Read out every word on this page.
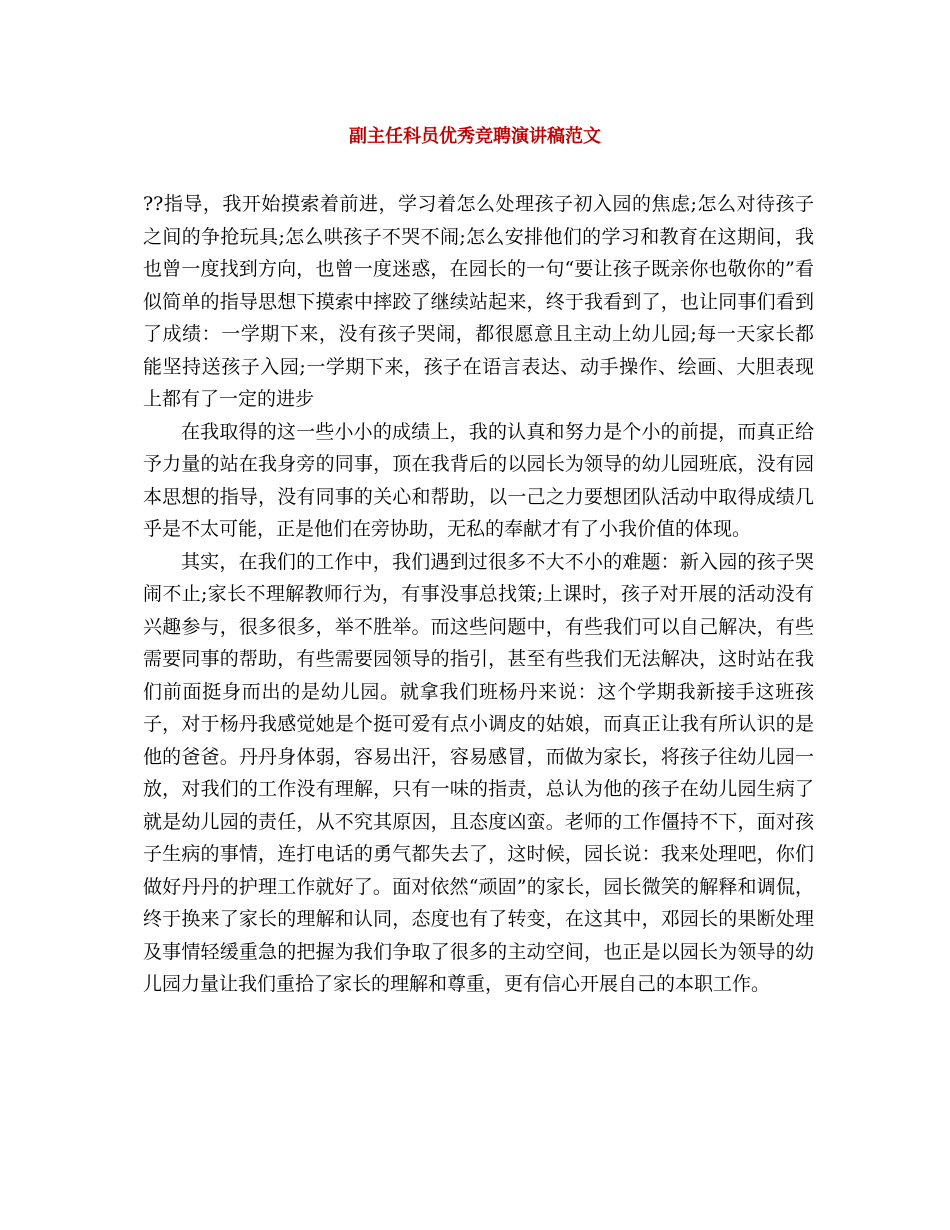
副主任科员优秀竞聘演讲稿范文

??指导，我开始摸索着前进，学习着怎么处理孩子初入园的焦虑;怎么对待孩子之间的争抢玩具;怎么哄孩子不哭不闹;怎么安排他们的学习和教育在这期间，我也曾一度找到方向，也曾一度迷惑，在园长的一句“要让孩子既亲你也敬你的”看似简单的指导思想下摸索中摔跤了继续站起来，终于我看到了，也让同事们看到了成绩：一学期下来，没有孩子哭闹，都很愿意且主动上幼儿园;每一天家长都能坚持送孩子入园;一学期下来，孩子在语言表达、动手操作、绘画、大胆表现上都有了一定的进步

在我取得的这一些小小的成绩上，我的认真和努力是个小的前提，而真正给予力量的站在我身旁的同事，顶在我背后的以园长为领导的幼儿园班底，没有园本思想的指导，没有同事的关心和帮助，以一己之力要想团队活动中取得成绩几乎是不太可能，正是他们在旁协助，无私的奉献才有了小我价值的体现。

其实，在我们的工作中，我们遇到过很多不大不小的难题：新入园的孩子哭闹不止;家长不理解教师行为，有事没事总找策;上课时，孩子对开展的活动没有兴趣参与，很多很多，举不胜举。而这些问题中，有些我们可以自己解决，有些需要同事的帮助，有些需要园领导的指引，甚至有些我们无法解决，这时站在我们前面挺身而出的是幼儿园。就拿我们班杨丹来说：这个学期我新接手这班孩子，对于杨丹我感觉她是个挺可爱有点小调皮的姑娘，而真正让我有所认识的是他的爸爸。丹丹身体弱，容易出汗，容易感冒，而做为家长，将孩子往幼儿园一放，对我们的工作没有理解，只有一味的指责，总认为他的孩子在幼儿园生病了就是幼儿园的责任，从不究其原因，且态度凶蛮。老师的工作僵持不下，面对孩子生病的事情，连打电话的勇气都失去了，这时候，园长说：我来处理吧，你们做好丹丹的护理工作就好了。面对依然“顽固”的家长，园长微笑的解释和调侃，终于换来了家长的理解和认同，态度也有了转变，在这其中，邓园长的果断处理及事情轻缓重急的把握为我们争取了很多的主动空间，也正是以园长为领导的幼儿园力量让我们重拾了家长的理解和尊重，更有信心开展自己的本职工作。
